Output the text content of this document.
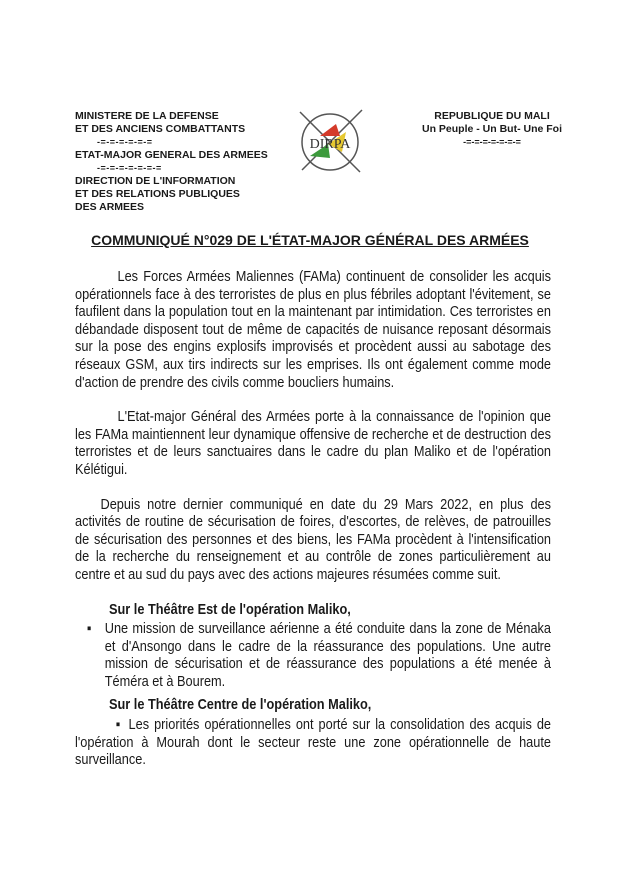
MINISTERE DE LA DEFENSE
ET DES ANCIENS COMBATTANTS
-=-=-=-=-=-=
ETAT-MAJOR GENERAL DES ARMEES
-=-=-=-=-=-=-=
DIRECTION DE L'INFORMATION
ET DES RELATIONS PUBLIQUES
DES ARMEES
DIRPA
REPUBLIQUE DU MALI
Un Peuple - Un But- Une Foi
-=-=-=-=-=-=-=
COMMUNIQUÉ N°029 DE L'ÉTAT-MAJOR GÉNÉRAL DES ARMÉES

Les Forces Armées Maliennes (FAMa) continuent de consolider les acquis opérationnels face à des terroristes de plus en plus fébriles adoptant l'évitement, se faufilent dans la population tout en la maintenant par intimidation. Ces terroristes en débandade disposent tout de même de capacités de nuisance reposant désormais sur la pose des engins explosifs improvisés et procèdent aussi au sabotage des réseaux GSM, aux tirs indirects sur les emprises. Ils ont également comme mode d'action de prendre des civils comme boucliers humains.

L'Etat-major Général des Armées porte à la connaissance de l'opinion que les FAMa maintiennent leur dynamique offensive de recherche et de destruction des terroristes et de leurs sanctuaires dans le cadre du plan Maliko et de l'opération Kélétigui.

Depuis notre dernier communiqué en date du 29 Mars 2022, en plus des activités de routine de sécurisation de foires, d'escortes, de relèves, de patrouilles de sécurisation des personnes et des biens, les FAMa procèdent à l'intensification de la recherche du renseignement et au contrôle de zones particulièrement au centre et au sud du pays avec des actions majeures résumées comme suit.

Sur le Théâtre Est de l'opération Maliko,

▪ Une mission de surveillance aérienne a été conduite dans la zone de Ménaka et d'Ansongo dans le cadre de la réassurance des populations. Une autre mission de sécurisation et de réassurance des populations a été menée à Téméra et à Bourem.

Sur le Théâtre Centre de l'opération Maliko,

▪ Les priorités opérationnelles ont porté sur la consolidation des acquis de l'opération à Mourah dont le secteur reste une zone opérationnelle de haute surveillance.
